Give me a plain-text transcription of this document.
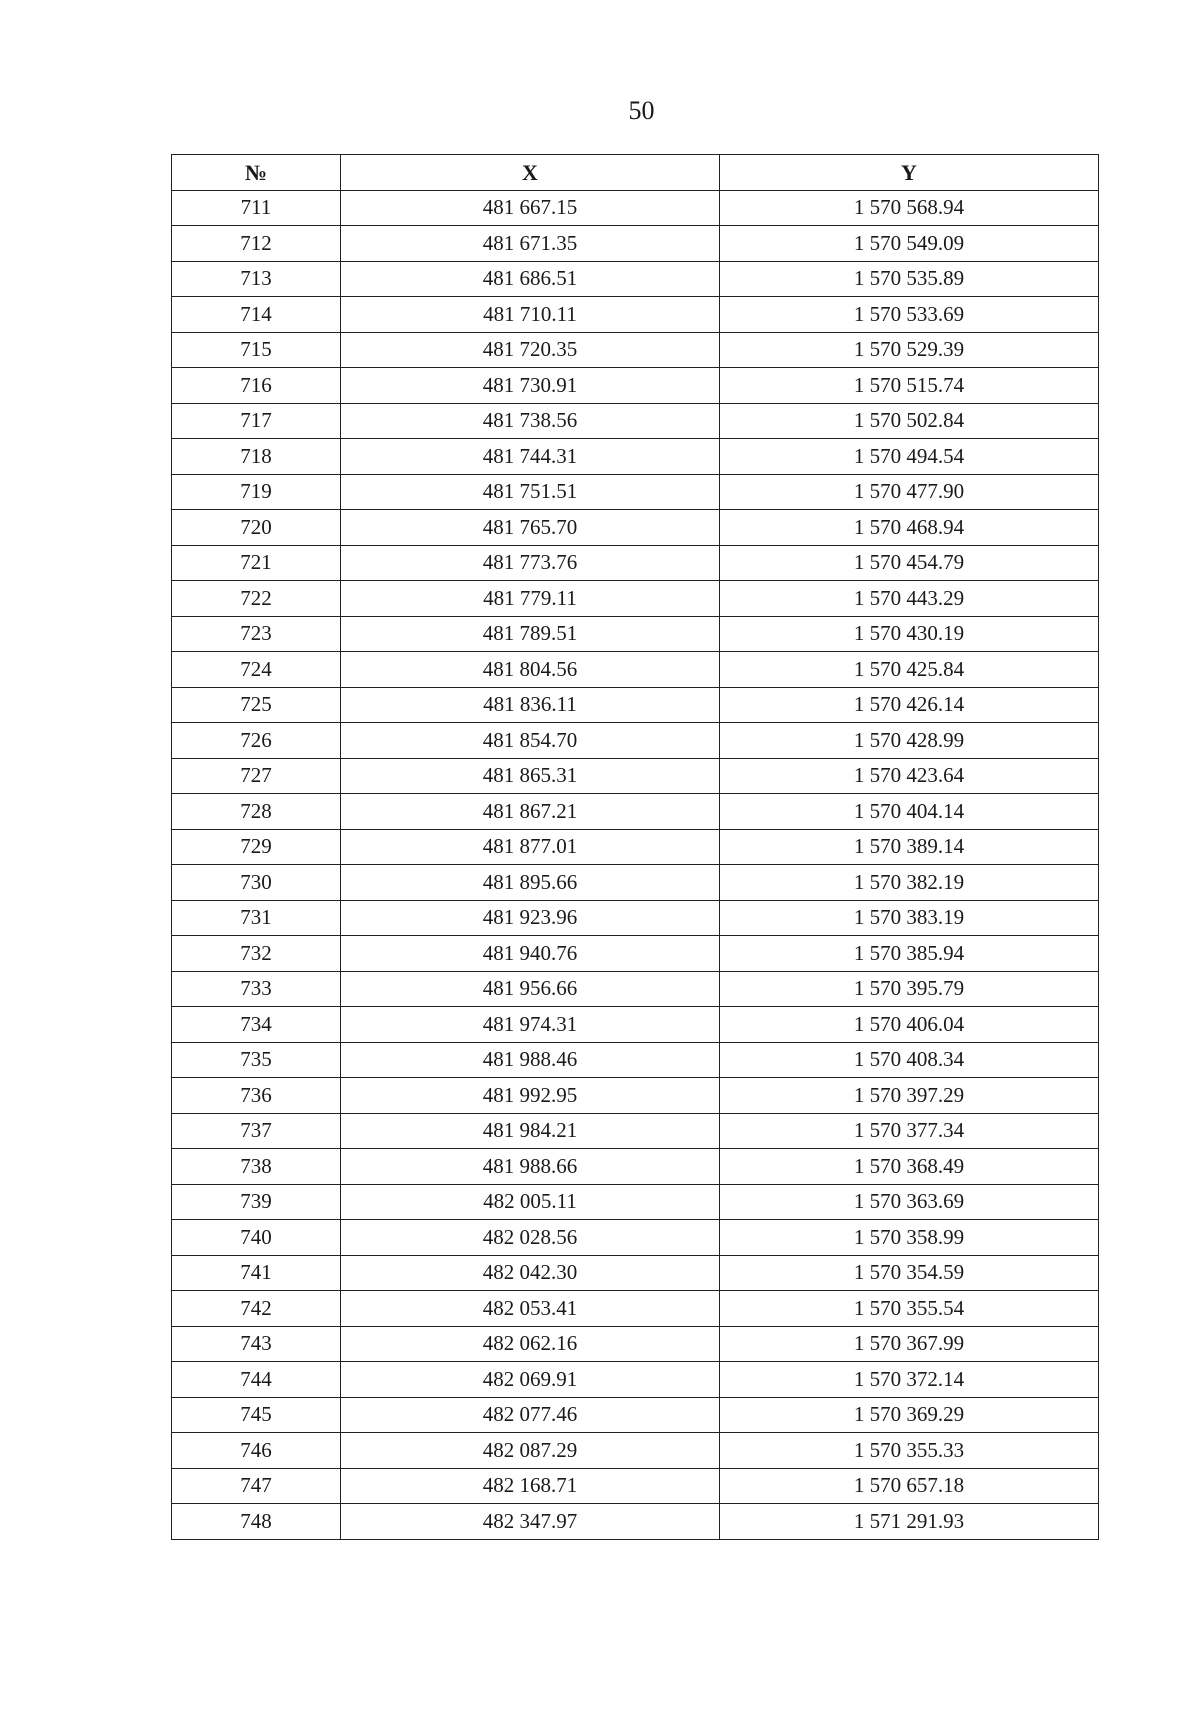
50
№	X	Y
711	481 667.15	1 570 568.94
712	481 671.35	1 570 549.09
713	481 686.51	1 570 535.89
714	481 710.11	1 570 533.69
715	481 720.35	1 570 529.39
716	481 730.91	1 570 515.74
717	481 738.56	1 570 502.84
718	481 744.31	1 570 494.54
719	481 751.51	1 570 477.90
720	481 765.70	1 570 468.94
721	481 773.76	1 570 454.79
722	481 779.11	1 570 443.29
723	481 789.51	1 570 430.19
724	481 804.56	1 570 425.84
725	481 836.11	1 570 426.14
726	481 854.70	1 570 428.99
727	481 865.31	1 570 423.64
728	481 867.21	1 570 404.14
729	481 877.01	1 570 389.14
730	481 895.66	1 570 382.19
731	481 923.96	1 570 383.19
732	481 940.76	1 570 385.94
733	481 956.66	1 570 395.79
734	481 974.31	1 570 406.04
735	481 988.46	1 570 408.34
736	481 992.95	1 570 397.29
737	481 984.21	1 570 377.34
738	481 988.66	1 570 368.49
739	482 005.11	1 570 363.69
740	482 028.56	1 570 358.99
741	482 042.30	1 570 354.59
742	482 053.41	1 570 355.54
743	482 062.16	1 570 367.99
744	482 069.91	1 570 372.14
745	482 077.46	1 570 369.29
746	482 087.29	1 570 355.33
747	482 168.71	1 570 657.18
748	482 347.97	1 571 291.93
